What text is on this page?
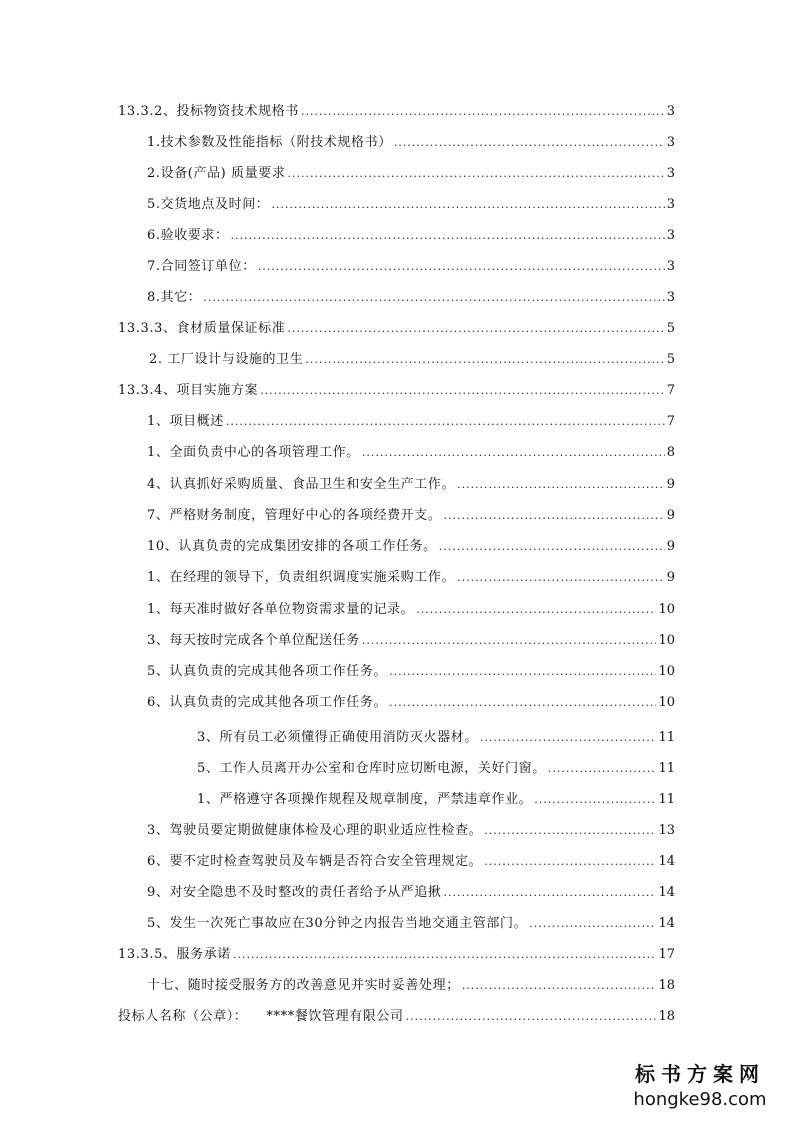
13.3.2、投标物资技术规格书 .....	3
1.技术参数及性能指标（附技术规格书） .....	3
2.设备(产品) 质量要求 .....	3
5.交货地点及时间： .....	3
6.验收要求： .....	3
7.合同签订单位： .....	3
8.其它： .....	3
13.3.3、食材质量保证标准 .....	5
2. 工厂设计与设施的卫生 .....	5
13.3.4、项目实施方案 .....	7
1、项目概述 .....	7
1、全面负责中心的各项管理工作。 .....	8
4、认真抓好采购质量、食品卫生和安全生产工作。 .....	9
7、严格财务制度，管理好中心的各项经费开支。 .....	9
10、认真负责的完成集团安排的各项工作任务。 .....	9
1、在经理的领导下，负责组织调度实施采购工作。 .....	9
1、每天准时做好各单位物资需求量的记录。 .....	10
3、每天按时完成各个单位配送任务 .....	10
5、认真负责的完成其他各项工作任务。 .....	10
6、认真负责的完成其他各项工作任务。 .....	10
3、所有员工必须懂得正确使用消防灭火器材。 .....	11
5、工作人员离开办公室和仓库时应切断电源，关好门窗。 .....	11
1、严格遵守各项操作规程及规章制度，严禁违章作业。 .....	11
3、驾驶员要定期做健康体检及心理的职业适应性检查。 .....	13
6、要不定时检查驾驶员及车辆是否符合安全管理规定。 .....	14
9、对安全隐患不及时整改的责任者给予从严追揪 .....	14
5、发生一次死亡事故应在30分钟之内报告当地交通主管部门。 .....	14
13.3.5、服务承诺 .....	17
十七、随时接受服务方的改善意见并实时妥善处理； .....	18
投标人名称（公章）：    ****餐饮管理有限公司 .....	18
标书方案网
hongke98.com
